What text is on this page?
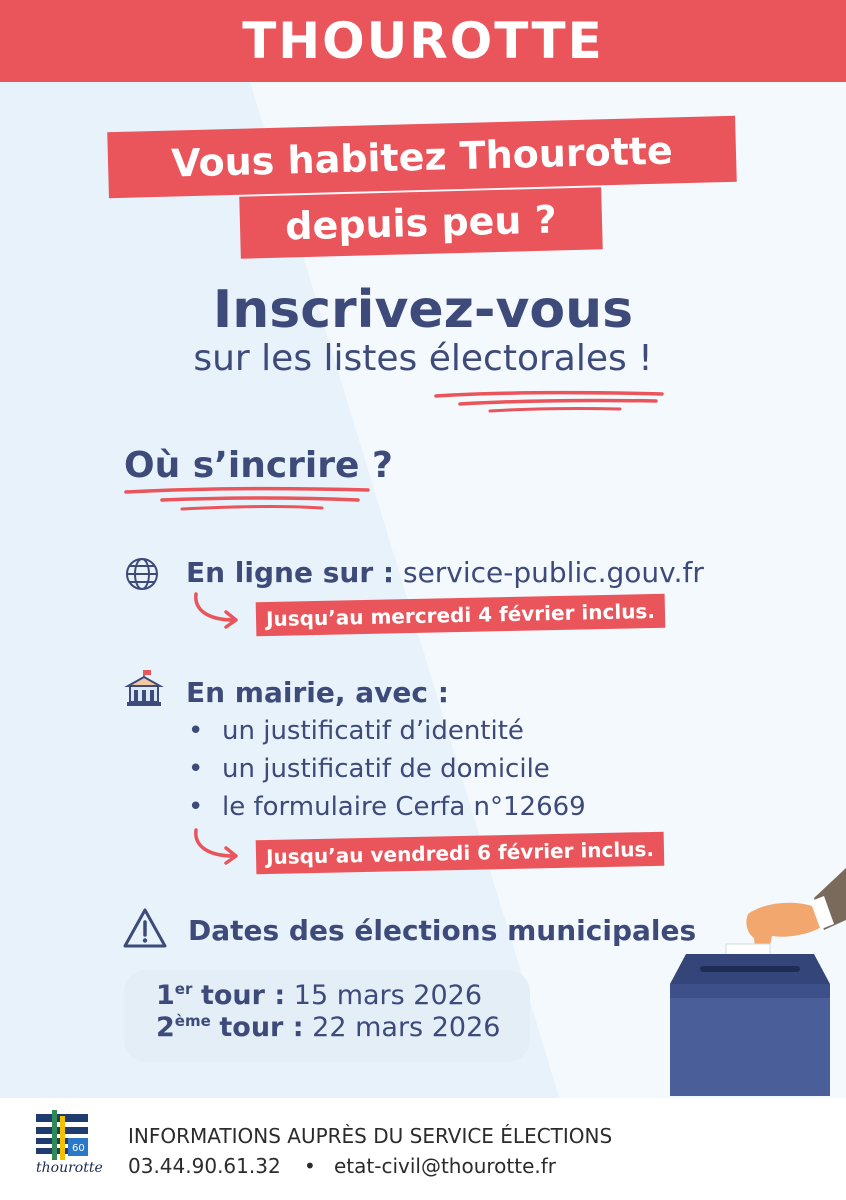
THOUROTTE
Vous habitez Thourotte
depuis peu ?
Inscrivez-vous
sur les listes électorales !
Où s’incrire ?
En ligne sur : service-public.gouv.fr
Jusqu’au mercredi 4 février inclus.
En mairie, avec :
• un justificatif d’identité
• un justificatif de domicile
• le formulaire Cerfa n°12669
Jusqu’au vendredi 6 février inclus.
Dates des élections municipales
1er tour : 15 mars 2026
2ème tour : 22 mars 2026
60
thourotte
INFORMATIONS AUPRÈS DU SERVICE ÉLECTIONS
03.44.90.61.32 • etat-civil@thourotte.fr
